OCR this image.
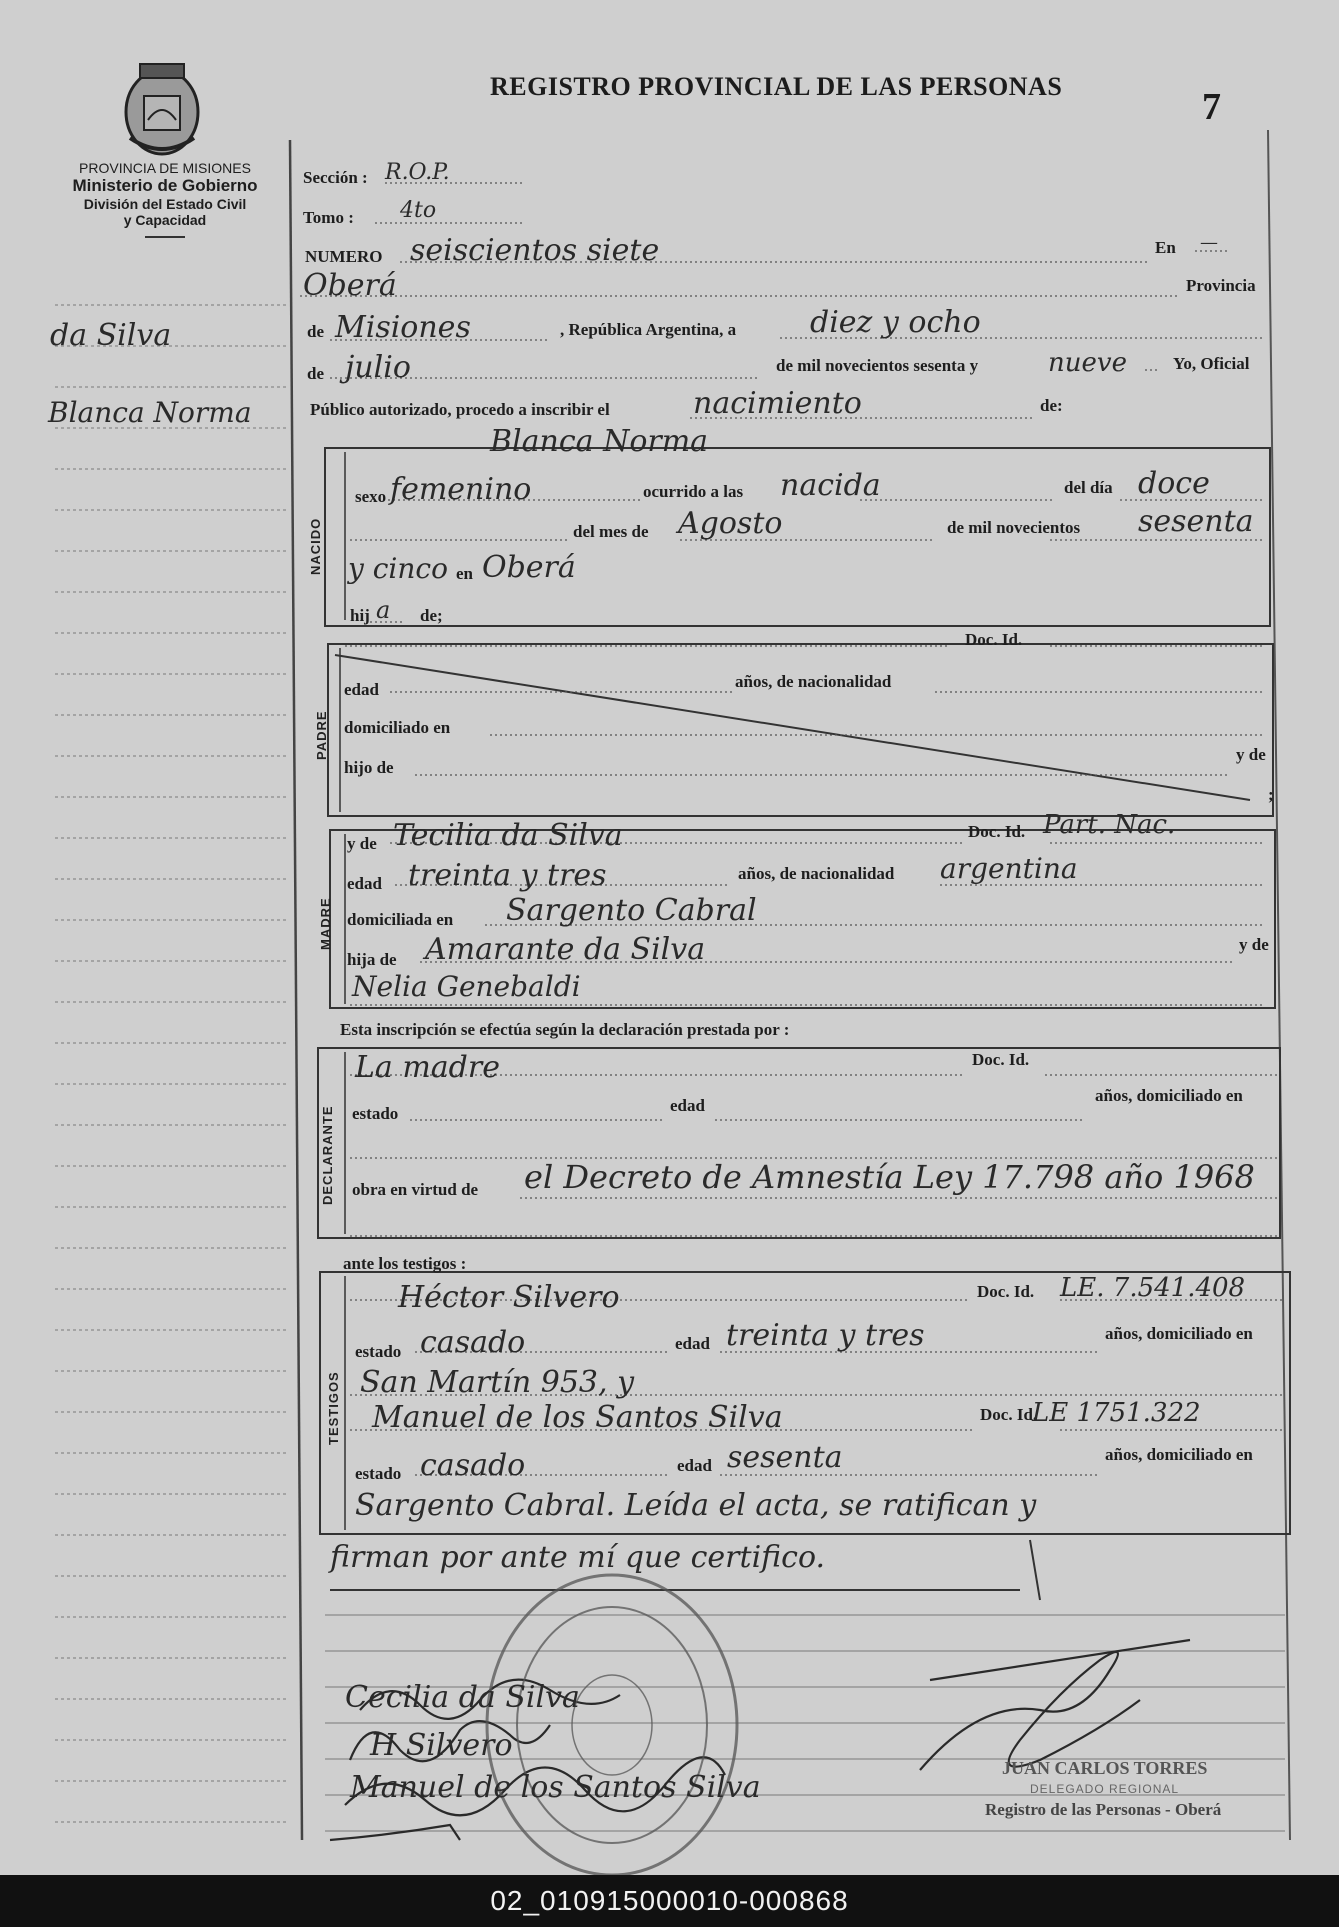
PROVINCIA DE MISIONES
Ministerio de Gobierno
División del Estado Civil
y Capacidad
REGISTRO PROVINCIAL DE LAS PERSONAS	7
da Silva
Blanca Norma
Sección : R.O.P.
Tomo : 4to
NUMERO seiscientos siete	En —
Oberá	Provincia
de Misiones	, República Argentina, a diez y ocho
de julio	de mil novecientos sesenta y	nueve	Yo, Oficial
Público autorizado, procedo a inscribir el	nacimiento	de:
Blanca Norma
NACIDO
sexo femenino	ocurrido a las nacida	del día doce
del mes de Agosto	de mil novecientos sesenta
y cinco en Oberá
hij a de;
Doc. Id.
PADRE
edad	años, de nacionalidad
domiciliado en
hijo de
y de
;
MADRE
y de Tecilia da Silva	Doc. Id. Part. Nac.
edad treinta y tres	años, de nacionalidad argentina
domiciliada en Sargento Cabral
hija de Amarante da Silva	y de
Nelia Genebaldi
Esta inscripción se efectúa según la declaración prestada por :
DECLARANTE
La madre	Doc. Id.
estado	edad
años, domiciliado en
obra en virtud de el Decreto de Amnestía Ley 17.798 año 1968
ante los testigos :
TESTIGOS
Héctor Silvero	Doc. Id. LE. 7.541.408
estado casado	edad treinta y tres	años, domiciliado en
San Martín 953, y
Manuel de los Santos Silva	Doc. Id.
LE 1751.322
estado casado	edad sesenta	años, domiciliado en
Sargento Cabral. Leída el acta, se ratifican y
firman por ante mí que certifico.
Cecilia da Silva
H Silvero
Manuel de los Santos Silva
JUAN CARLOS TORRES
DELEGADO REGIONAL
Registro de las Personas - Oberá
02_010915000010-000868
